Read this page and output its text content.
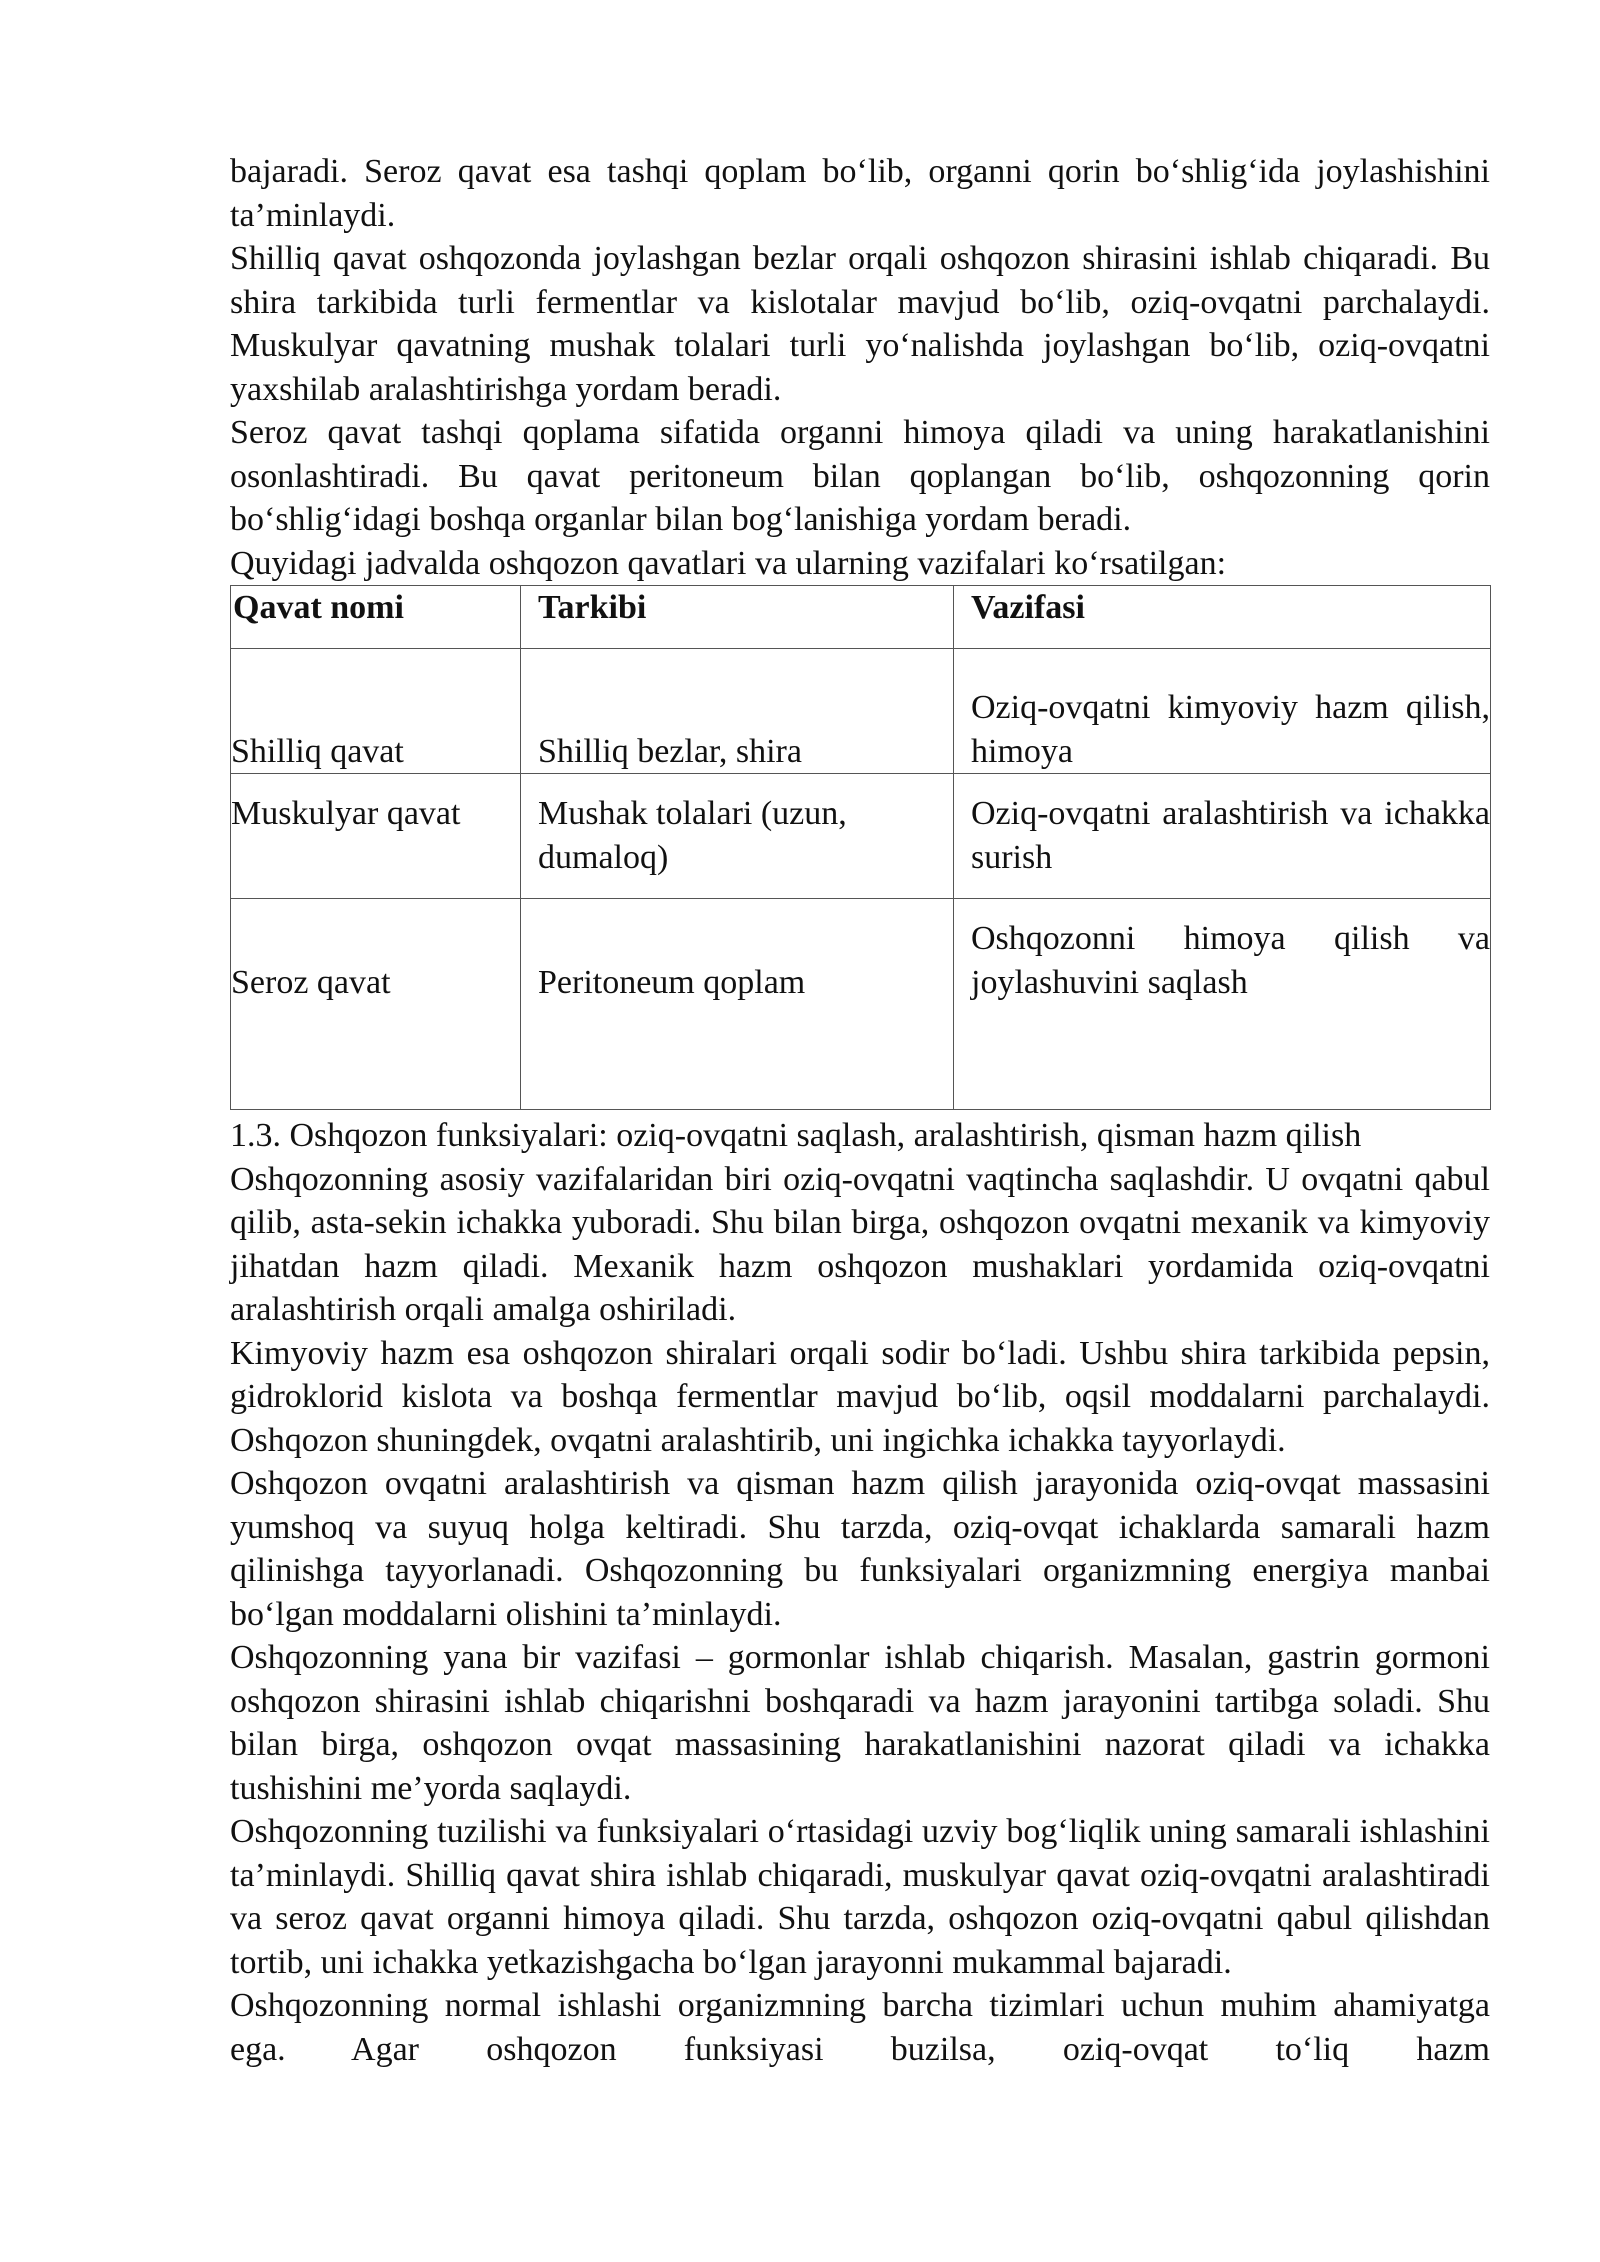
bajaradi. Seroz qavat esa tashqi qoplam bo‘lib, organni qorin bo‘shlig‘ida joylashishini ta’minlaydi.

Shilliq qavat oshqozonda joylashgan bezlar orqali oshqozon shirasini ishlab chiqaradi. Bu shira tarkibida turli fermentlar va kislotalar mavjud bo‘lib, oziq-ovqatni parchalaydi. Muskulyar qavatning mushak tolalari turli yo‘nalishda joylashgan bo‘lib, oziq-ovqatni yaxshilab aralashtirishga yordam beradi.

Seroz qavat tashqi qoplama sifatida organni himoya qiladi va uning harakatlanishini osonlashtiradi. Bu qavat peritoneum bilan qoplangan bo‘lib, oshqozonning qorin bo‘shlig‘idagi boshqa organlar bilan bog‘lanishiga yordam beradi.

Quyidagi jadvalda oshqozon qavatlari va ularning vazifalari ko‘rsatilgan:

Qavat nomi	Tarkibi	Vazifasi
Shilliq qavat	Shilliq bezlar, shira	Oziq-ovqatni kimyoviy hazm qilish, himoya
Muskulyar qavat	Mushak tolalari (uzun, dumaloq)	Oziq-ovqatni aralashtirish va ichakka surish
Seroz qavat	Peritoneum qoplam	Oshqozonni himoya qilish va joylashuvini saqlash

1.3. Oshqozon funksiyalari: oziq-ovqatni saqlash, aralashtirish, qisman hazm qilish

Oshqozonning asosiy vazifalaridan biri oziq-ovqatni vaqtincha saqlashdir. U ovqatni qabul qilib, asta-sekin ichakka yuboradi. Shu bilan birga, oshqozon ovqatni mexanik va kimyoviy jihatdan hazm qiladi. Mexanik hazm oshqozon mushaklari yordamida oziq-ovqatni aralashtirish orqali amalga oshiriladi.

Kimyoviy hazm esa oshqozon shiralari orqali sodir bo‘ladi. Ushbu shira tarkibida pepsin, gidroklorid kislota va boshqa fermentlar mavjud bo‘lib, oqsil moddalarni parchalaydi. Oshqozon shuningdek, ovqatni aralashtirib, uni ingichka ichakka tayyorlaydi.

Oshqozon ovqatni aralashtirish va qisman hazm qilish jarayonida oziq-ovqat massasini yumshoq va suyuq holga keltiradi. Shu tarzda, oziq-ovqat ichaklarda samarali hazm qilinishga tayyorlanadi. Oshqozonning bu funksiyalari organizmning energiya manbai bo‘lgan moddalarni olishini ta’minlaydi.

Oshqozonning yana bir vazifasi – gormonlar ishlab chiqarish. Masalan, gastrin gormoni oshqozon shirasini ishlab chiqarishni boshqaradi va hazm jarayonini tartibga soladi. Shu bilan birga, oshqozon ovqat massasining harakatlanishini nazorat qiladi va ichakka tushishini me’yorda saqlaydi.

Oshqozonning tuzilishi va funksiyalari o‘rtasidagi uzviy bog‘liqlik uning samarali ishlashini ta’minlaydi. Shilliq qavat shira ishlab chiqaradi, muskulyar qavat oziq-ovqatni aralashtiradi va seroz qavat organni himoya qiladi. Shu tarzda, oshqozon oziq-ovqatni qabul qilishdan tortib, uni ichakka yetkazishgacha bo‘lgan jarayonni mukammal bajaradi.

Oshqozonning normal ishlashi organizmning barcha tizimlari uchun muhim ahamiyatga ega. Agar oshqozon funksiyasi buzilsa, oziq-ovqat to‘liq hazm
